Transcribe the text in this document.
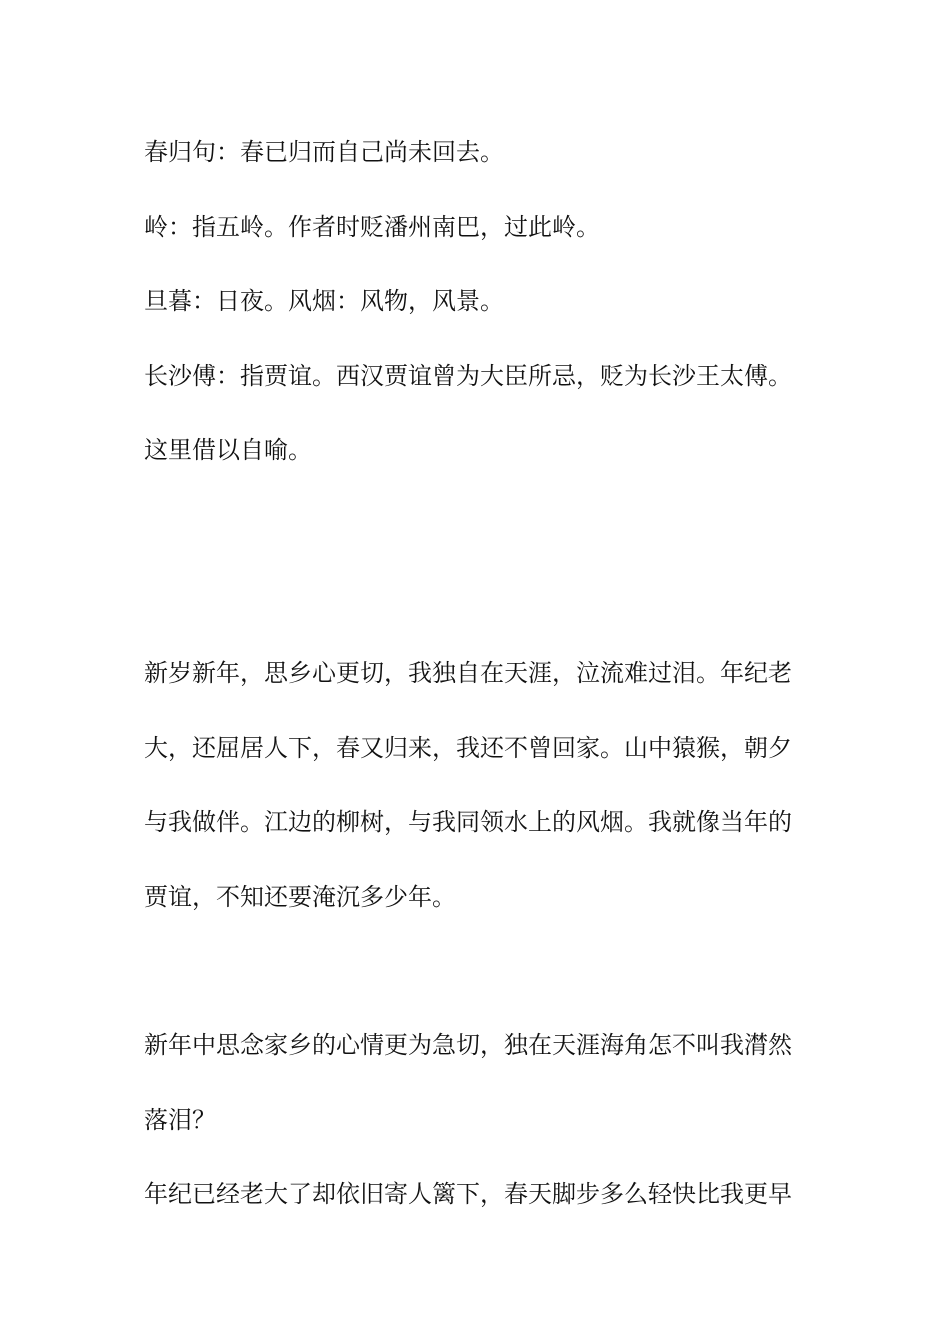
春归句：春已归而自己尚未回去。

岭：指五岭。作者时贬潘州南巴，过此岭。

旦暮：日夜。风烟：风物，风景。

长沙傅：指贾谊。西汉贾谊曾为大臣所忌，贬为长沙王太傅。

这里借以自喻。

新岁新年，思乡心更切，我独自在天涯，泣流难过泪。年纪老

大，还屈居人下，春又归来，我还不曾回家。山中猿猴，朝夕

与我做伴。江边的柳树，与我同领水上的风烟。我就像当年的

贾谊，不知还要淹沉多少年。

新年中思念家乡的心情更为急切，独在天涯海角怎不叫我潸然

落泪？

年纪已经老大了却依旧寄人篱下，春天脚步多么轻快比我更早
